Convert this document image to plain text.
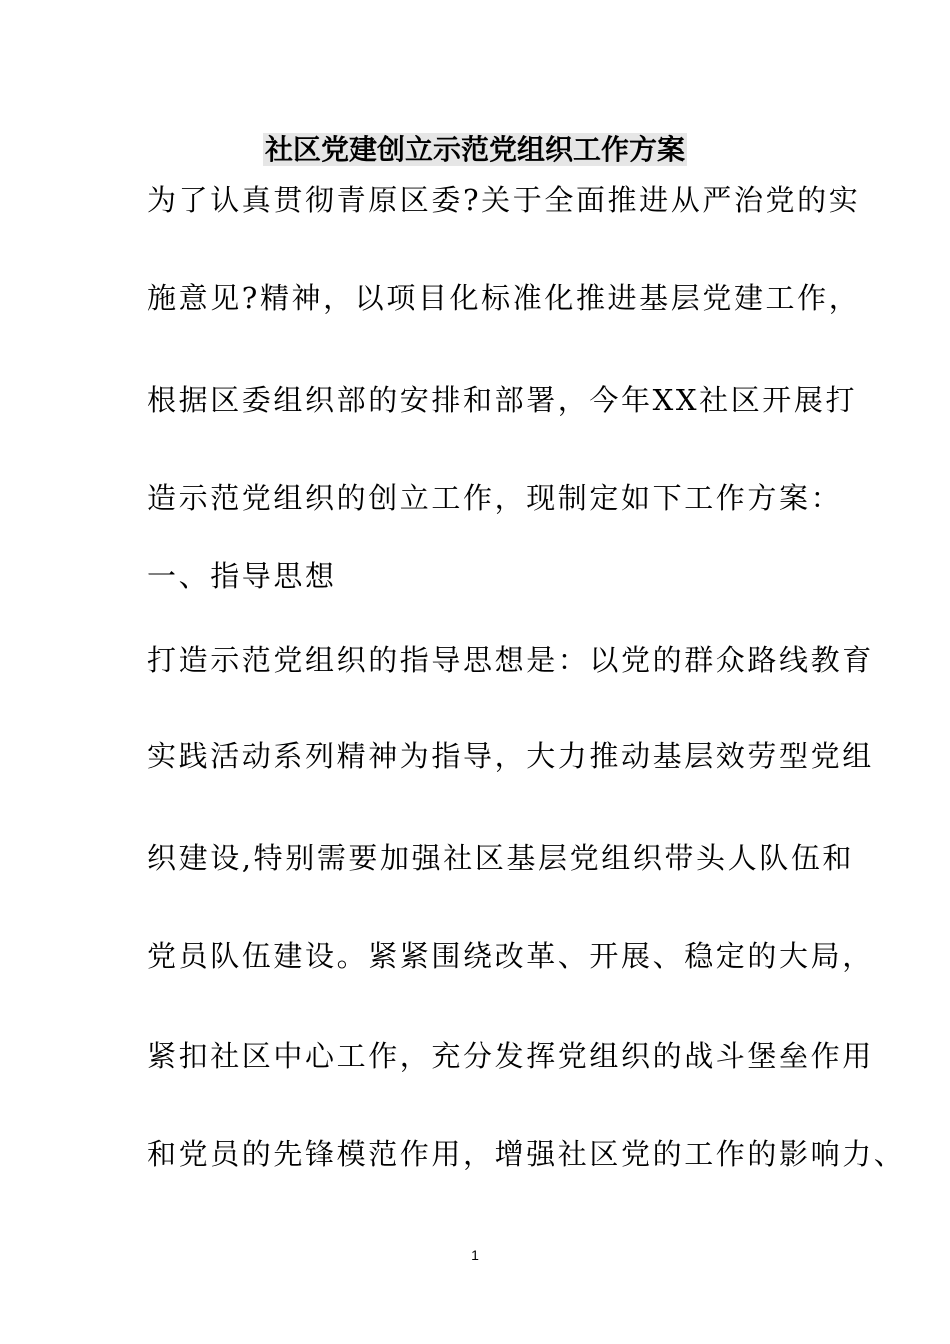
社区党建创立示范党组织工作方案
为了认真贯彻青原区委?关于全面推进从严治党的实
施意见?精神，以项目化标准化推进基层党建工作，
根据区委组织部的安排和部署，今年XX社区开展打
造示范党组织的创立工作，现制定如下工作方案：
一、指导思想
打造示范党组织的指导思想是：以党的群众路线教育
实践活动系列精神为指导，大力推动基层效劳型党组
织建设,特别需要加强社区基层党组织带头人队伍和
党员队伍建设。紧紧围绕改革、开展、稳定的大局，
紧扣社区中心工作，充分发挥党组织的战斗堡垒作用
和党员的先锋模范作用，增强社区党的工作的影响力、
1
